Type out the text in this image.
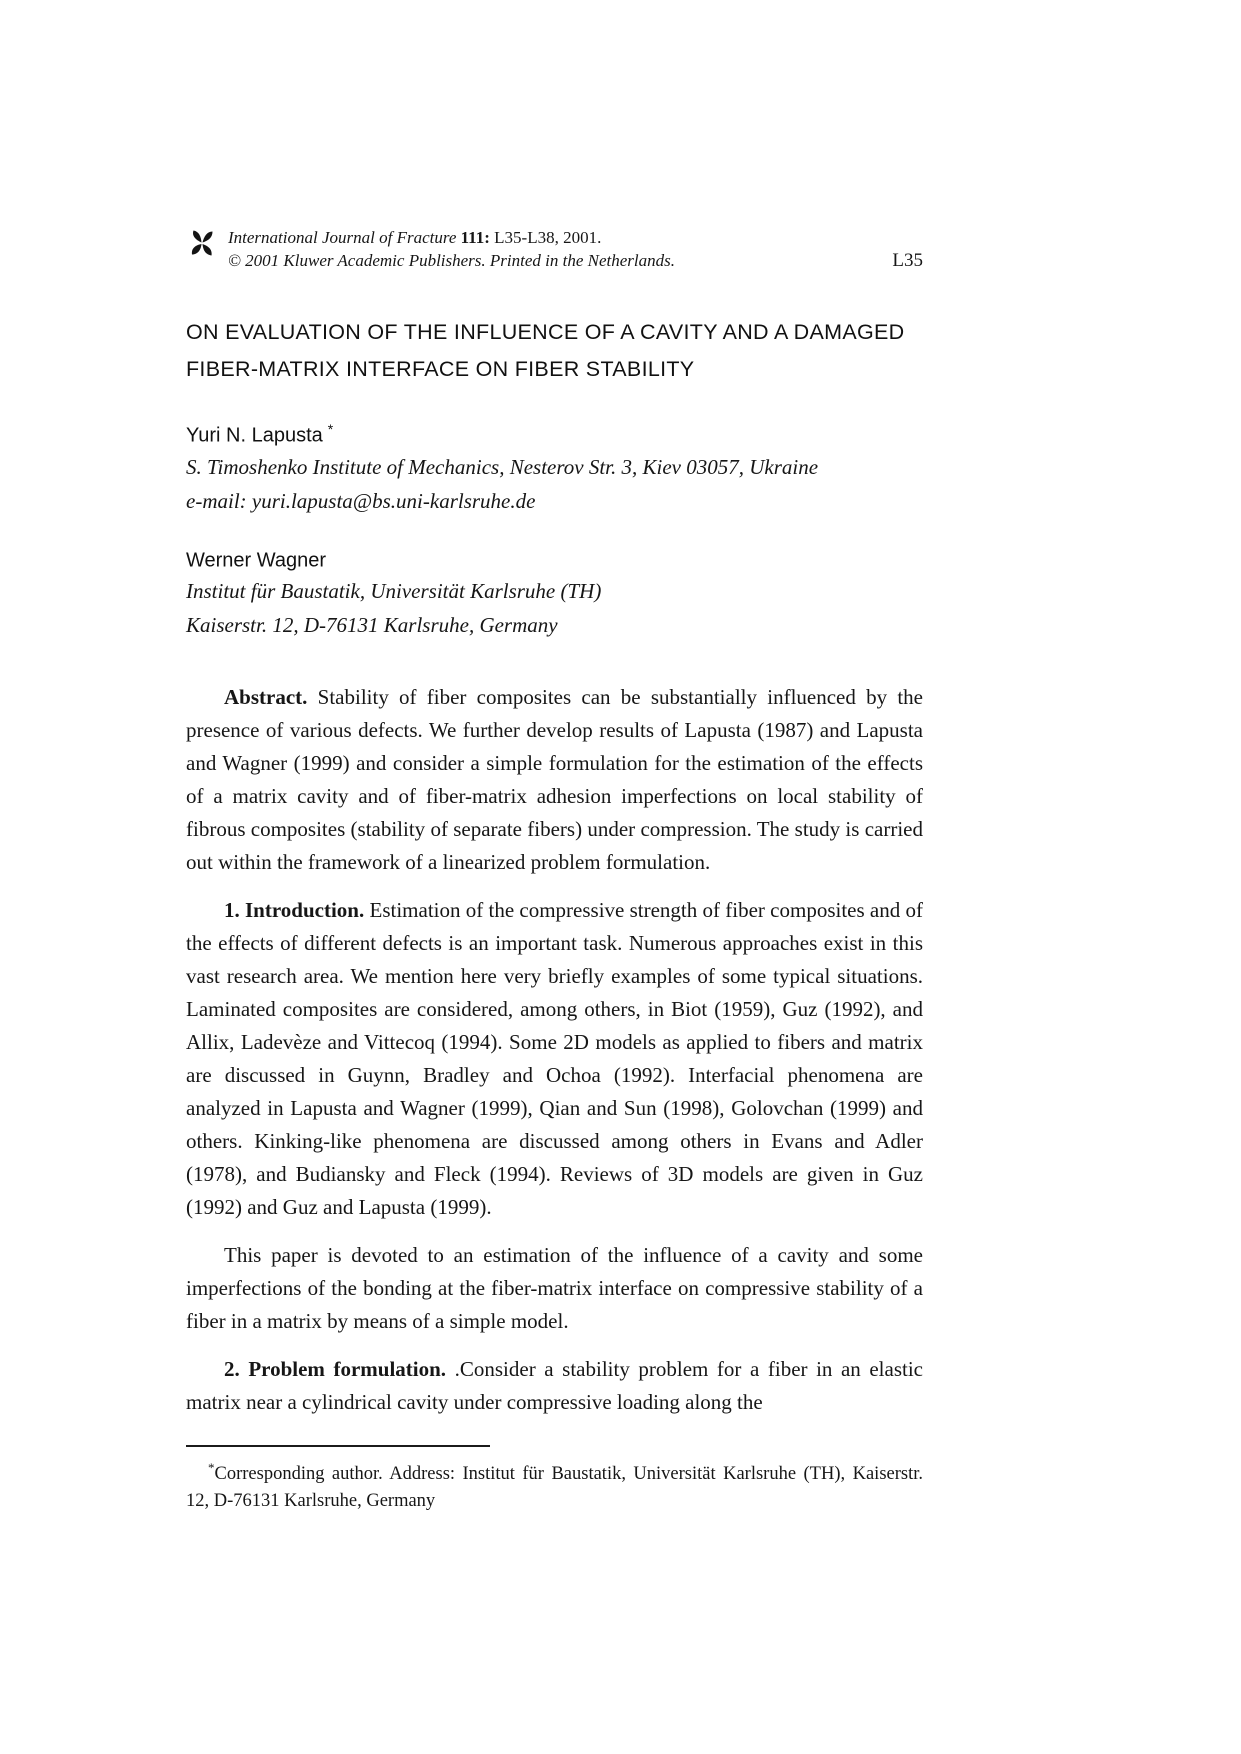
International Journal of Fracture 111: L35-L38, 2001.
© 2001 Kluwer Academic Publishers. Printed in the Netherlands.	L35
ON EVALUATION OF THE INFLUENCE OF A CAVITY AND A DAMAGED FIBER-MATRIX INTERFACE ON FIBER STABILITY
Yuri N. Lapusta *
S. Timoshenko Institute of Mechanics, Nesterov Str. 3, Kiev 03057, Ukraine
e-mail: yuri.lapusta@bs.uni-karlsruhe.de
Werner Wagner
Institut für Baustatik, Universität Karlsruhe (TH)
Kaiserstr. 12, D-76131 Karlsruhe, Germany

Abstract. Stability of fiber composites can be substantially influenced by the presence of various defects. We further develop results of Lapusta (1987) and Lapusta and Wagner (1999) and consider a simple formulation for the estimation of the effects of a matrix cavity and of fiber-matrix adhesion imperfections on local stability of fibrous composites (stability of separate fibers) under compression. The study is carried out within the framework of a linearized problem formulation.

1. Introduction. Estimation of the compressive strength of fiber composites and of the effects of different defects is an important task. Numerous approaches exist in this vast research area. We mention here very briefly examples of some typical situations. Laminated composites are considered, among others, in Biot (1959), Guz (1992), and Allix, Ladevèze and Vittecoq (1994). Some 2D models as applied to fibers and matrix are discussed in Guynn, Bradley and Ochoa (1992). Interfacial phenomena are analyzed in Lapusta and Wagner (1999), Qian and Sun (1998), Golovchan (1999) and others. Kinking-like phenomena are discussed among others in Evans and Adler (1978), and Budiansky and Fleck (1994). Reviews of 3D models are given in Guz (1992) and Guz and Lapusta (1999).

This paper is devoted to an estimation of the influence of a cavity and some imperfections of the bonding at the fiber-matrix interface on compressive stability of a fiber in a matrix by means of a simple model.

2. Problem formulation. .Consider a stability problem for a fiber in an elastic matrix near a cylindrical cavity under compressive loading along the

*Corresponding author. Address: Institut für Baustatik, Universität Karlsruhe (TH), Kaiserstr. 12, D-76131 Karlsruhe, Germany
